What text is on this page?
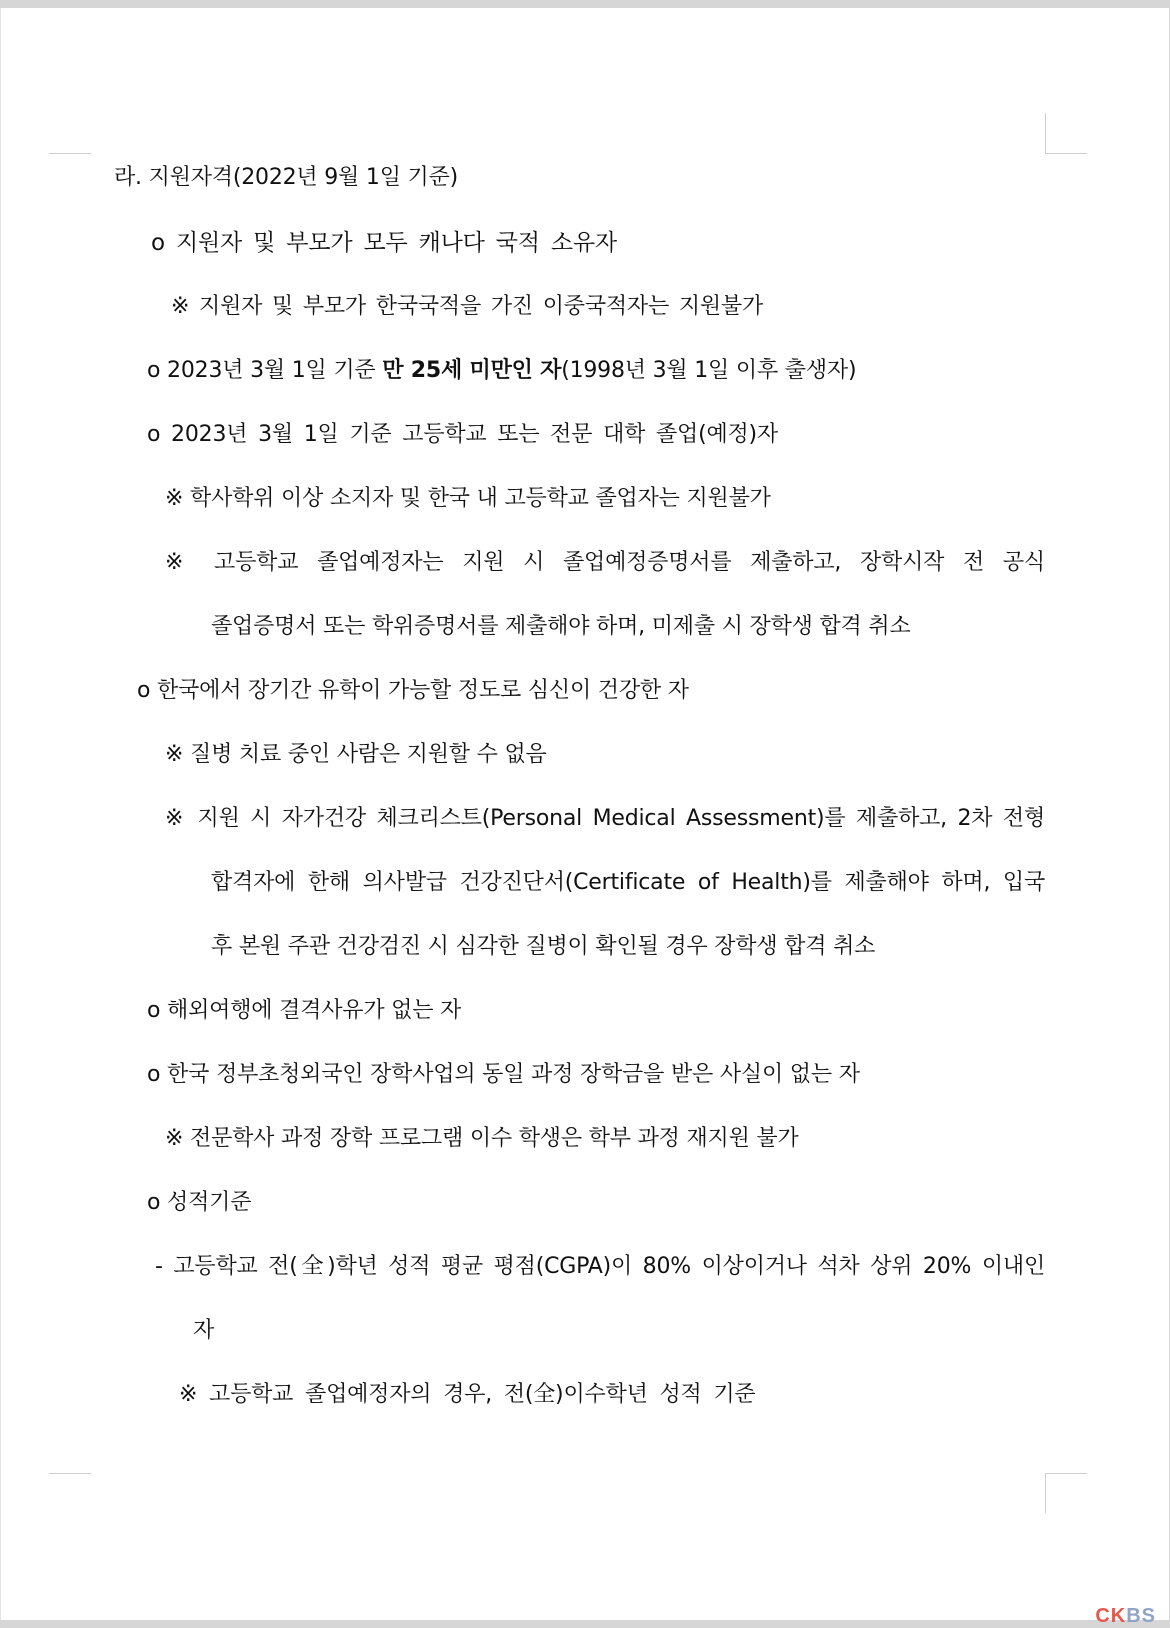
라. 지원자격(2022년 9월 1일 기준)
o 지원자 및 부모가 모두 캐나다 국적 소유자
※ 지원자 및 부모가 한국국적을 가진 이중국적자는 지원불가
o 2023년 3월 1일 기준 만 25세 미만인 자(1998년 3월 1일 이후 출생자)
o 2023년 3월 1일 기준 고등학교 또는 전문 대학 졸업(예정)자
※ 학사학위 이상 소지자 및 한국 내 고등학교 졸업자는 지원불가
※ 고등학교 졸업예정자는 지원 시 졸업예정증명서를 제출하고, 장학시작 전 공식
졸업증명서 또는 학위증명서를 제출해야 하며, 미제출 시 장학생 합격 취소
o 한국에서 장기간 유학이 가능할 정도로 심신이 건강한 자
※ 질병 치료 중인 사람은 지원할 수 없음
※ 지원 시 자가건강 체크리스트(Personal Medical Assessment)를 제출하고, 2차 전형
합격자에 한해 의사발급 건강진단서(Certificate of Health)를 제출해야 하며, 입국
후 본원 주관 건강검진 시 심각한 질병이 확인될 경우 장학생 합격 취소
o 해외여행에 결격사유가 없는 자
o 한국 정부초청외국인 장학사업의 동일 과정 장학금을 받은 사실이 없는 자
※ 전문학사 과정 장학 프로그램 이수 학생은 학부 과정 재지원 불가
o 성적기준
- 고등학교 전(全)학년 성적 평균 평점(CGPA)이 80% 이상이거나 석차 상위 20% 이내인
자
※ 고등학교 졸업예정자의 경우, 전(全)이수학년 성적 기준
CKBS
